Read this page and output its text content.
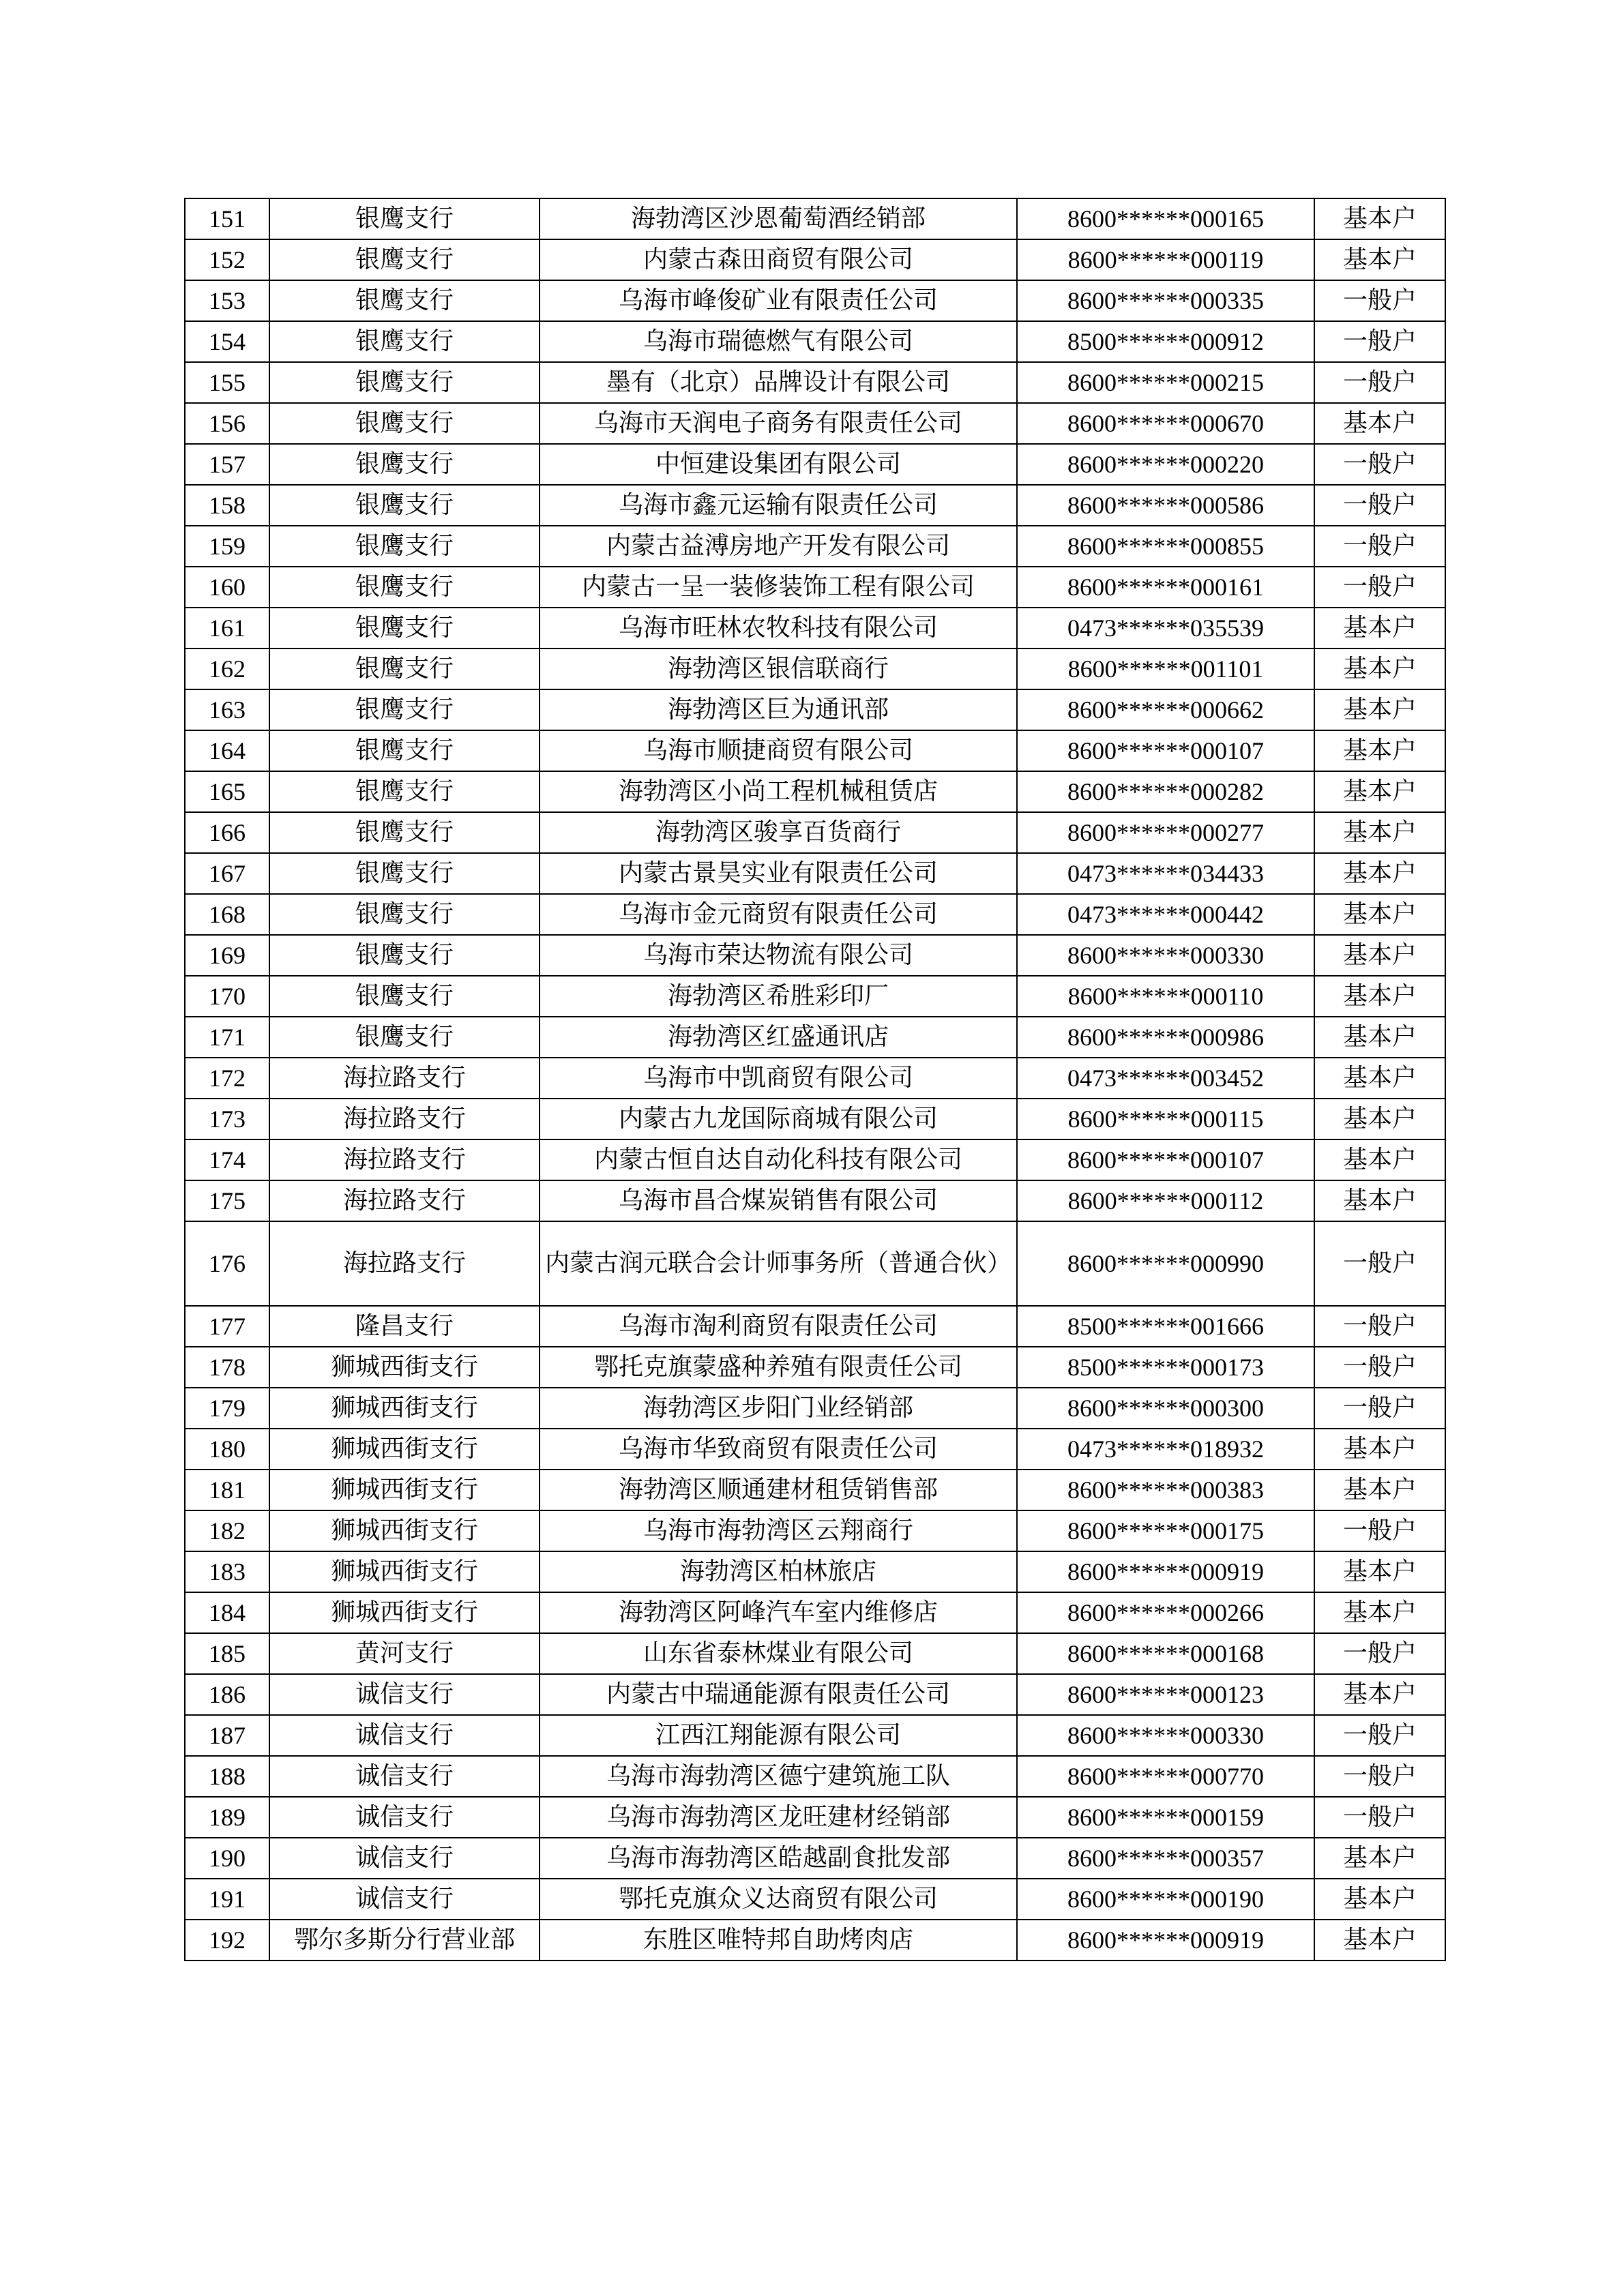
151	银鹰支行	海勃湾区沙恩葡萄酒经销部	8600******000165	基本户
152	银鹰支行	内蒙古森田商贸有限公司	8600******000119	基本户
153	银鹰支行	乌海市峰俊矿业有限责任公司	8600******000335	一般户
154	银鹰支行	乌海市瑞德燃气有限公司	8500******000912	一般户
155	银鹰支行	墨有（北京）品牌设计有限公司	8600******000215	一般户
156	银鹰支行	乌海市天润电子商务有限责任公司	8600******000670	基本户
157	银鹰支行	中恒建设集团有限公司	8600******000220	一般户
158	银鹰支行	乌海市鑫元运输有限责任公司	8600******000586	一般户
159	银鹰支行	内蒙古益溥房地产开发有限公司	8600******000855	一般户
160	银鹰支行	内蒙古一呈一装修装饰工程有限公司	8600******000161	一般户
161	银鹰支行	乌海市旺林农牧科技有限公司	0473******035539	基本户
162	银鹰支行	海勃湾区银信联商行	8600******001101	基本户
163	银鹰支行	海勃湾区巨为通讯部	8600******000662	基本户
164	银鹰支行	乌海市顺捷商贸有限公司	8600******000107	基本户
165	银鹰支行	海勃湾区小尚工程机械租赁店	8600******000282	基本户
166	银鹰支行	海勃湾区骏享百货商行	8600******000277	基本户
167	银鹰支行	内蒙古景昊实业有限责任公司	0473******034433	基本户
168	银鹰支行	乌海市金元商贸有限责任公司	0473******000442	基本户
169	银鹰支行	乌海市荣达物流有限公司	8600******000330	基本户
170	银鹰支行	海勃湾区希胜彩印厂	8600******000110	基本户
171	银鹰支行	海勃湾区红盛通讯店	8600******000986	基本户
172	海拉路支行	乌海市中凯商贸有限公司	0473******003452	基本户
173	海拉路支行	内蒙古九龙国际商城有限公司	8600******000115	基本户
174	海拉路支行	内蒙古恒自达自动化科技有限公司	8600******000107	基本户
175	海拉路支行	乌海市昌合煤炭销售有限公司	8600******000112	基本户
176	海拉路支行	内蒙古润元联合会计师事务所（普通合伙）	8600******000990	一般户
177	隆昌支行	乌海市淘利商贸有限责任公司	8500******001666	一般户
178	狮城西街支行	鄂托克旗蒙盛种养殖有限责任公司	8500******000173	一般户
179	狮城西街支行	海勃湾区步阳门业经销部	8600******000300	一般户
180	狮城西街支行	乌海市华致商贸有限责任公司	0473******018932	基本户
181	狮城西街支行	海勃湾区顺通建材租赁销售部	8600******000383	基本户
182	狮城西街支行	乌海市海勃湾区云翔商行	8600******000175	一般户
183	狮城西街支行	海勃湾区柏林旅店	8600******000919	基本户
184	狮城西街支行	海勃湾区阿峰汽车室内维修店	8600******000266	基本户
185	黄河支行	山东省泰林煤业有限公司	8600******000168	一般户
186	诚信支行	内蒙古中瑞通能源有限责任公司	8600******000123	基本户
187	诚信支行	江西江翔能源有限公司	8600******000330	一般户
188	诚信支行	乌海市海勃湾区德宁建筑施工队	8600******000770	一般户
189	诚信支行	乌海市海勃湾区龙旺建材经销部	8600******000159	一般户
190	诚信支行	乌海市海勃湾区皓越副食批发部	8600******000357	基本户
191	诚信支行	鄂托克旗众义达商贸有限公司	8600******000190	基本户
192	鄂尔多斯分行营业部	东胜区唯特邦自助烤肉店	8600******000919	基本户
